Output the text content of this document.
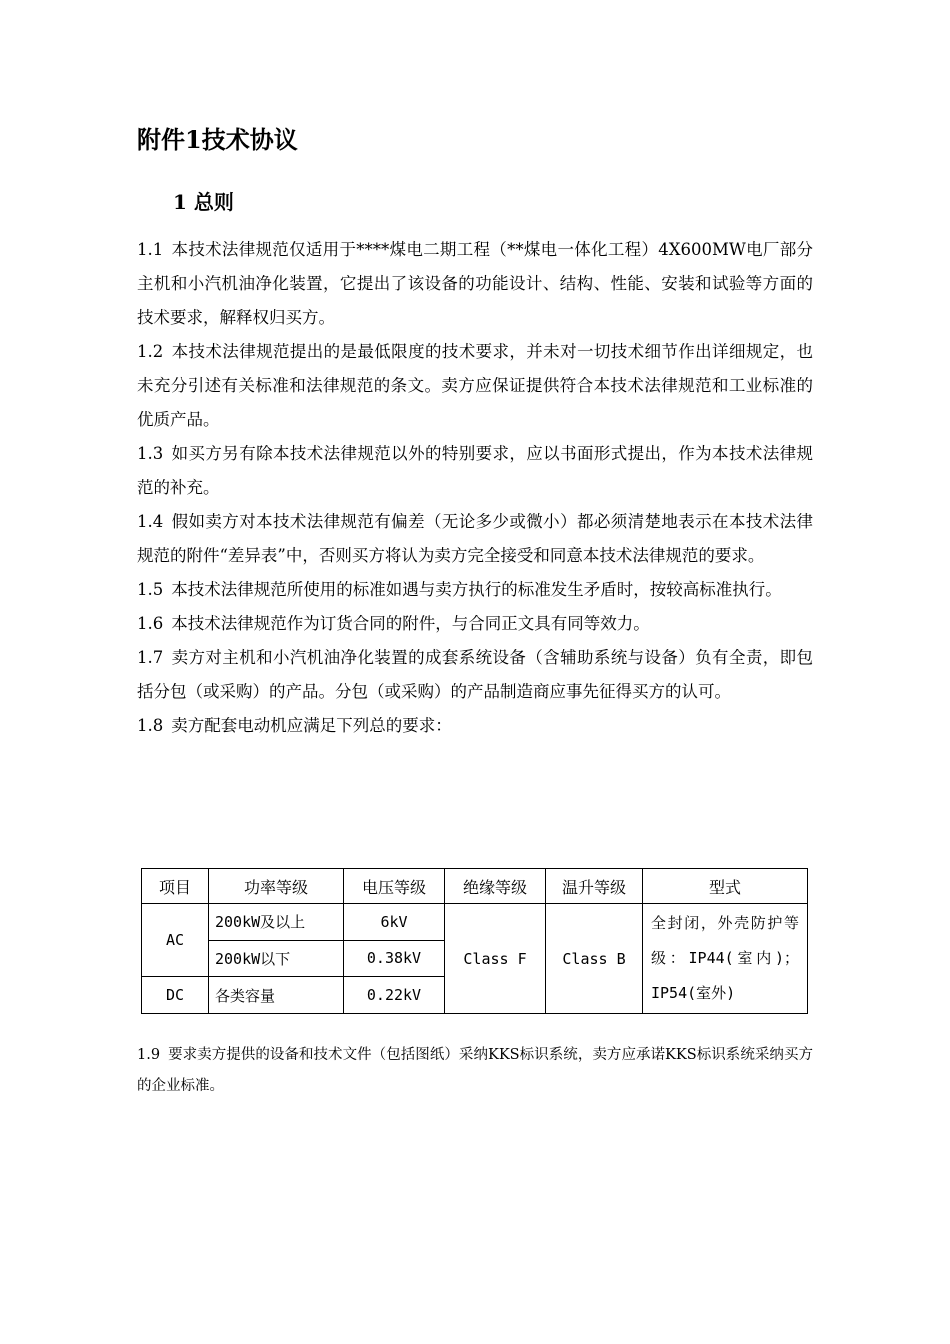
附件1技术协议
1 总则

1.1 本技术法律规范仅适用于****煤电二期工程（**煤电一体化工程）4X600MW电厂部分主机和小汽机油净化装置，它提出了该设备的功能设计、结构、性能、安装和试验等方面的技术要求，解释权归买方。

1.2 本技术法律规范提出的是最低限度的技术要求，并未对一切技术细节作出详细规定，也未充分引述有关标准和法律规范的条文。卖方应保证提供符合本技术法律规范和工业标准的优质产品。

1.3 如买方另有除本技术法律规范以外的特别要求，应以书面形式提出，作为本技术法律规范的补充。

1.4 假如卖方对本技术法律规范有偏差（无论多少或微小）都必须清楚地表示在本技术法律规范的附件“差异表”中，否则买方将认为卖方完全接受和同意本技术法律规范的要求。

1.5 本技术法律规范所使用的标准如遇与卖方执行的标准发生矛盾时，按较高标准执行。

1.6 本技术法律规范作为订货合同的附件，与合同正文具有同等效力。

1.7 卖方对主机和小汽机油净化装置的成套系统设备（含辅助系统与设备）负有全责，即包括分包（或采购）的产品。分包（或采购）的产品制造商应事先征得买方的认可。

1.8 卖方配套电动机应满足下列总的要求：

项目	功率等级	电压等级	绝缘等级	温升等级	型式
AC	200kW及以上	6kV	Class F	Class B	全封闭，外壳防护等级：IP44(室内)；IP54(室外)
	200kW以下	0.38kV			
DC	各类容量	0.22kV			

1.9 要求卖方提供的设备和技术文件（包括图纸）采纳KKS标识系统，卖方应承诺KKS标识系统采纳买方的企业标准。
